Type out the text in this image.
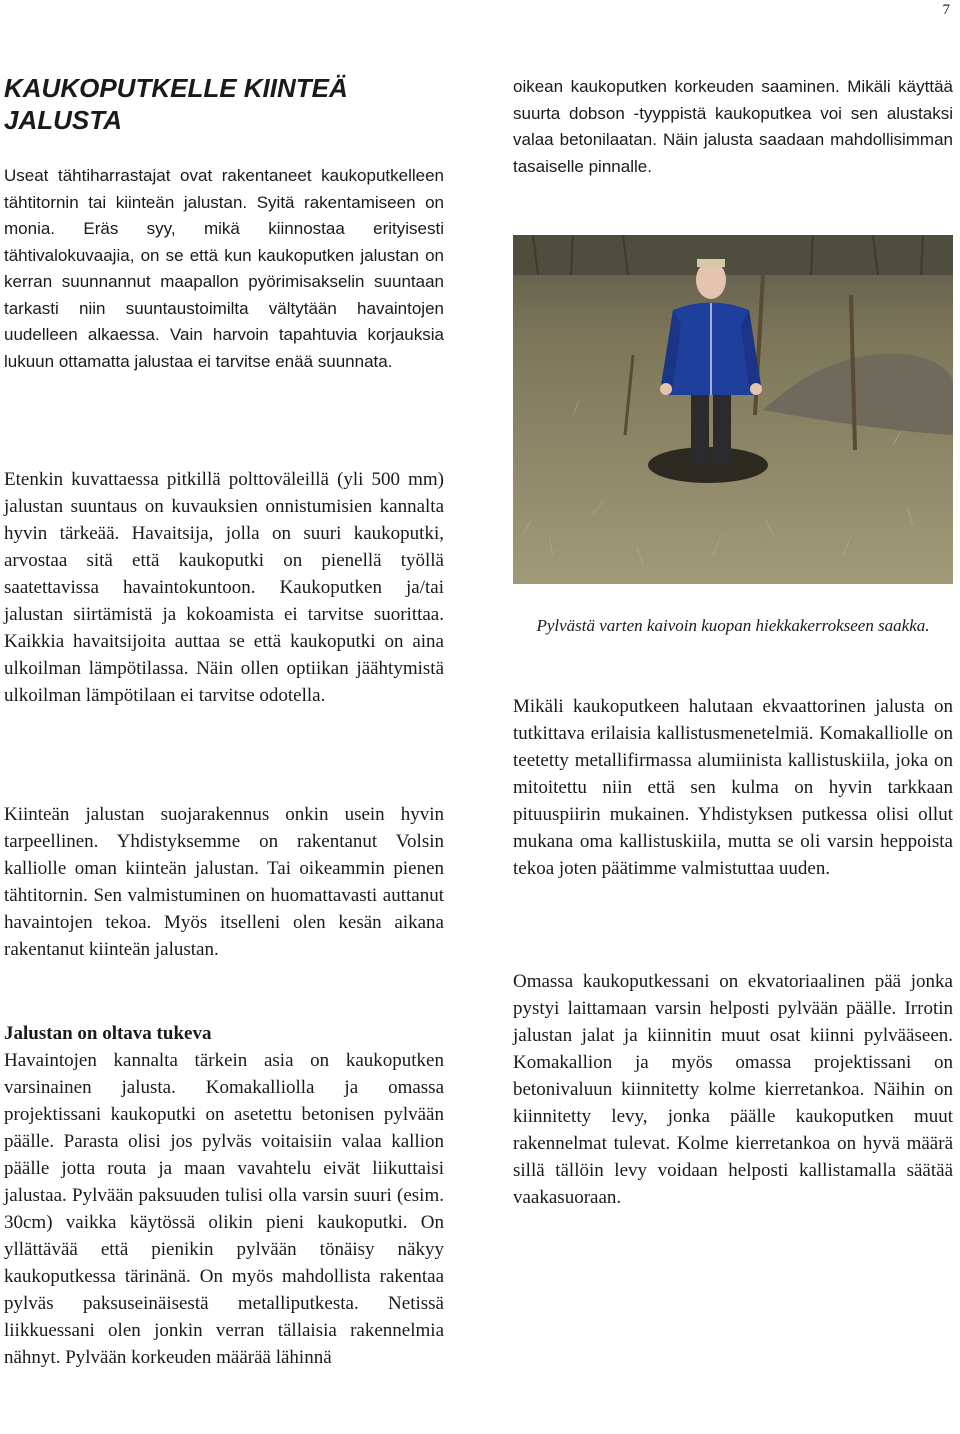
7
KAUKOPUTKELLE KIINTEÄ
JALUSTA

Useat tähtiharrastajat ovat rakentaneet kaukoputkelleen tähtitornin tai kiinteän jalustan. Syitä rakentamiseen on monia. Eräs syy, mikä kiinnostaa erityisesti tähtivalokuvaajia, on se että kun kaukoputken jalustan on kerran suunnannut maapallon pyörimisakselin suuntaan tarkasti niin suuntaustoimilta vältytään havaintojen uudelleen alkaessa. Vain harvoin tapahtuvia korjauksia lukuun ottamatta jalustaa ei tarvitse enää suunnata.

Etenkin kuvattaessa pitkillä polttoväleillä (yli 500 mm) jalustan suuntaus on kuvauksien onnistumisien kannalta hyvin tärkeää. Havaitsija, jolla on suuri kaukoputki, arvostaa sitä että kaukoputki on pienellä työllä saatettavissa havaintokuntoon. Kaukoputken ja/tai jalustan siirtämistä ja kokoamista ei tarvitse suorittaa. Kaikkia havaitsijoita auttaa se että kaukoputki on aina ulkoilman lämpötilassa. Näin ollen optiikan jäähtymistä ulkoilman lämpötilaan ei tarvitse odotella.

Kiinteän jalustan suojarakennus onkin usein hyvin tarpeellinen. Yhdistyksemme on rakentanut Volsin kalliolle oman kiinteän jalustan. Tai oikeammin pienen tähtitornin. Sen valmistuminen on huomattavasti auttanut havaintojen tekoa. Myös itselleni olen kesän aikana rakentanut kiinteän jalustan.

Jalustan on oltava tukeva

Havaintojen kannalta tärkein asia on kaukoputken varsinainen jalusta. Komakalliolla ja omassa projektissani kaukoputki on asetettu betonisen pylvään päälle. Parasta olisi jos pylväs voitaisiin valaa kallion päälle jotta routa ja maan vavahtelu eivät liikuttaisi jalustaa. Pylvään paksuuden tulisi olla varsin suuri (esim. 30cm) vaikka käytössä olikin pieni kaukoputki. On yllättävää että pienikin pylvään tönäisy näkyy kaukoputkessa tärinänä. On myös mahdollista rakentaa pylväs paksuseinäisestä metalliputkesta. Netissä liikkuessani olen jonkin verran tällaisia rakennelmia nähnyt. Pylvään korkeuden määrää lähinnä

oikean kaukoputken korkeuden saaminen. Mikäli käyttää suurta dobson -tyyppistä kaukoputkea voi sen alustaksi valaa betonilaatan. Näin jalusta saadaan mahdollisimman tasaiselle pinnalle.

Pylvästä varten kaivoin kuopan hiekkakerrokseen saakka.

Mikäli kaukoputkeen halutaan ekvaattorinen jalusta on tutkittava erilaisia kallistusmenetelmiä. Komakalliolle on teetetty metallifirmassa alumiinista kallistuskiila, joka on mitoitettu niin että sen kulma on hyvin tarkkaan pituuspiirin mukainen. Yhdistyksen putkessa olisi ollut mukana oma kallistuskiila, mutta se oli varsin heppoista tekoa joten päätimme valmistuttaa uuden.

Omassa kaukoputkessani on ekvatoriaalinen pää jonka pystyi laittamaan varsin helposti pylvään päälle. Irrotin jalustan jalat ja kiinnitin muut osat kiinni pylvääseen. Komakallion ja myös omassa projektissani on betonivaluun kiinnitetty kolme kierretankoa. Näihin on kiinnitetty levy, jonka päälle kaukoputken muut rakennelmat tulevat. Kolme kierretankoa on hyvä määrä sillä tällöin levy voidaan helposti kallistamalla säätää vaakasuoraan.
